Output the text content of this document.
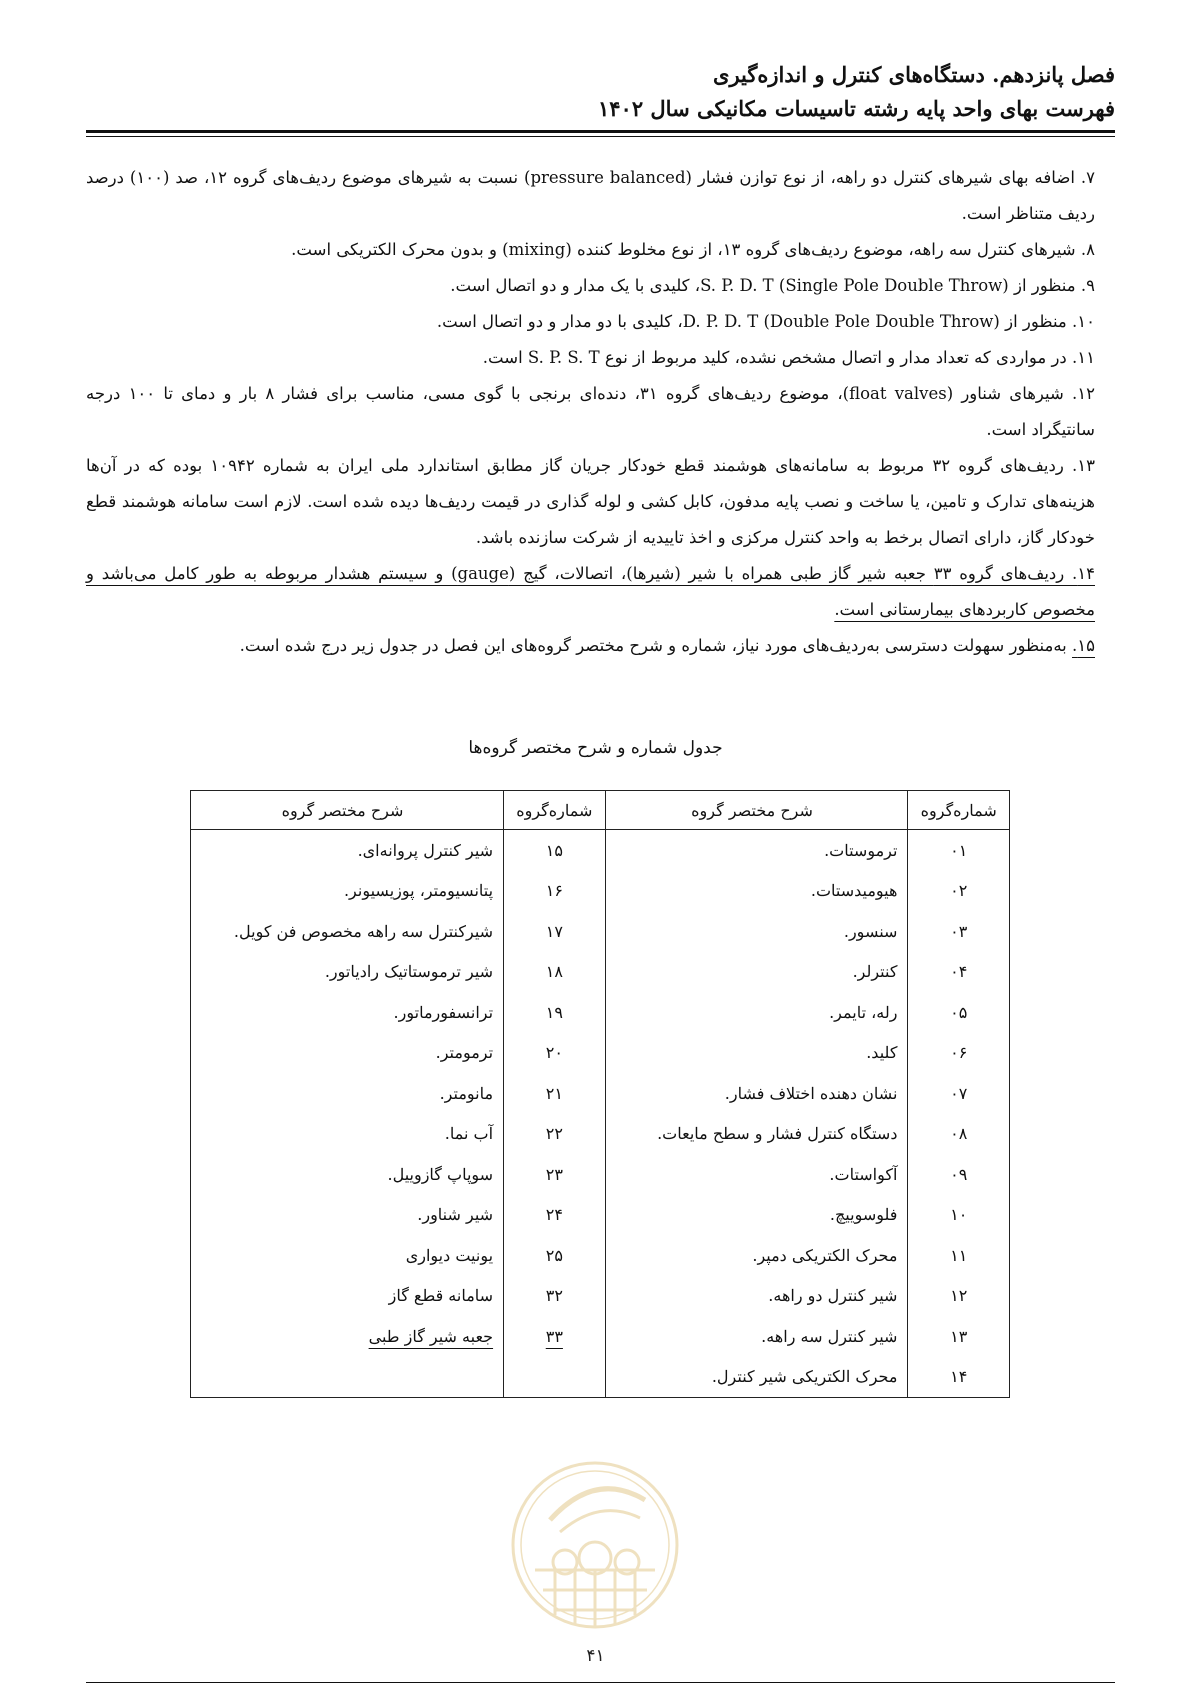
فصل پانزدهم. دستگاه‌های کنترل و اندازه‌گیری
فهرست بهای واحد پایه رشته تاسیسات مکانیکی سال ۱۴۰۲

۷. اضافه بهای شیرهای کنترل دو راهه، از نوع توازن فشار (pressure balanced) نسبت به شیرهای موضوع ردیف‌های گروه ۱۲، صد (۱۰۰) درصد ردیف متناظر است.

۸. شیرهای کنترل سه راهه، موضوع ردیف‌های گروه ۱۳، از نوع مخلوط کننده (mixing) و بدون محرک الکتریکی است.

۹. منظور از S. P. D. T (Single Pole Double Throw)، کلیدی با یک مدار و دو اتصال است.

۱۰. منظور از D. P. D. T (Double Pole Double Throw)، کلیدی با دو مدار و دو اتصال است.

۱۱. در مواردی که تعداد مدار و اتصال مشخص نشده، کلید مربوط از نوع S. P. S. T است.

۱۲. شیرهای شناور (float valves)، موضوع ردیف‌های گروه ۳۱، دنده‌ای برنجی با گوی مسی، مناسب برای فشار ۸ بار و دمای تا ۱۰۰ درجه سانتیگراد است.

۱۳. ردیف‌های گروه ۳۲ مربوط به سامانه‌های هوشمند قطع خودکار جریان گاز مطابق استاندارد ملی ایران به شماره ۱۰۹۴۲ بوده که در آن‌ها هزینه‌های تدارک و تامین، یا ساخت و نصب پایه مدفون، کابل کشی و لوله گذاری در قیمت ردیف‌ها دیده شده است. لازم است سامانه هوشمند قطع خودکار گاز، دارای اتصال برخط به واحد کنترل مرکزی و اخذ تاییدیه از شرکت سازنده باشد.

۱۴. ردیف‌های گروه ۳۳ جعبه شیر گاز طبی همراه با شیر (شیرها)، اتصالات، گیج (gauge) و سیستم هشدار مربوطه به طور کامل می‌باشد و مخصوص کاربردهای بیمارستانی است.

۱۵. به‌منظور سهولت دسترسی به‌ردیف‌های مورد نیاز، شماره و شرح مختصر گروه‌های این فصل در جدول زیر درج شده است.

جدول شماره و شرح مختصر گروه‌ها
شماره‌گروه	شرح مختصر گروه	شماره‌گروه	شرح مختصر گروه
۰۱	ترموستات.	۱۵	شیر کنترل پروانه‌ای.
۰۲	هیومیدستات.	۱۶	پتانسیومتر، پوزیسیونر.
۰۳	سنسور.	۱۷	شیرکنترل سه راهه مخصوص فن کویل.
۰۴	کنترلر.	۱۸	شیر ترموستاتیک رادیاتور.
۰۵	رله، تایمر.	۱۹	ترانسفورماتور.
۰۶	کلید.	۲۰	ترمومتر.
۰۷	نشان دهنده اختلاف فشار.	۲۱	مانومتر.
۰۸	دستگاه کنترل فشار و سطح مایعات.	۲۲	آب نما.
۰۹	آکواستات.	۲۳	سوپاپ گازوییل.
۱۰	فلوسوییچ.	۲۴	شیر شناور.
۱۱	محرک الکتریکی دمپر.	۲۵	یونیت دیواری
۱۲	شیر کنترل دو راهه.	۳۲	سامانه قطع گاز
۱۳	شیر کنترل سه راهه.	۳۳	جعبه شیر گاز طبی
۱۴	محرک الکتریکی شیر کنترل.		
۴۱
